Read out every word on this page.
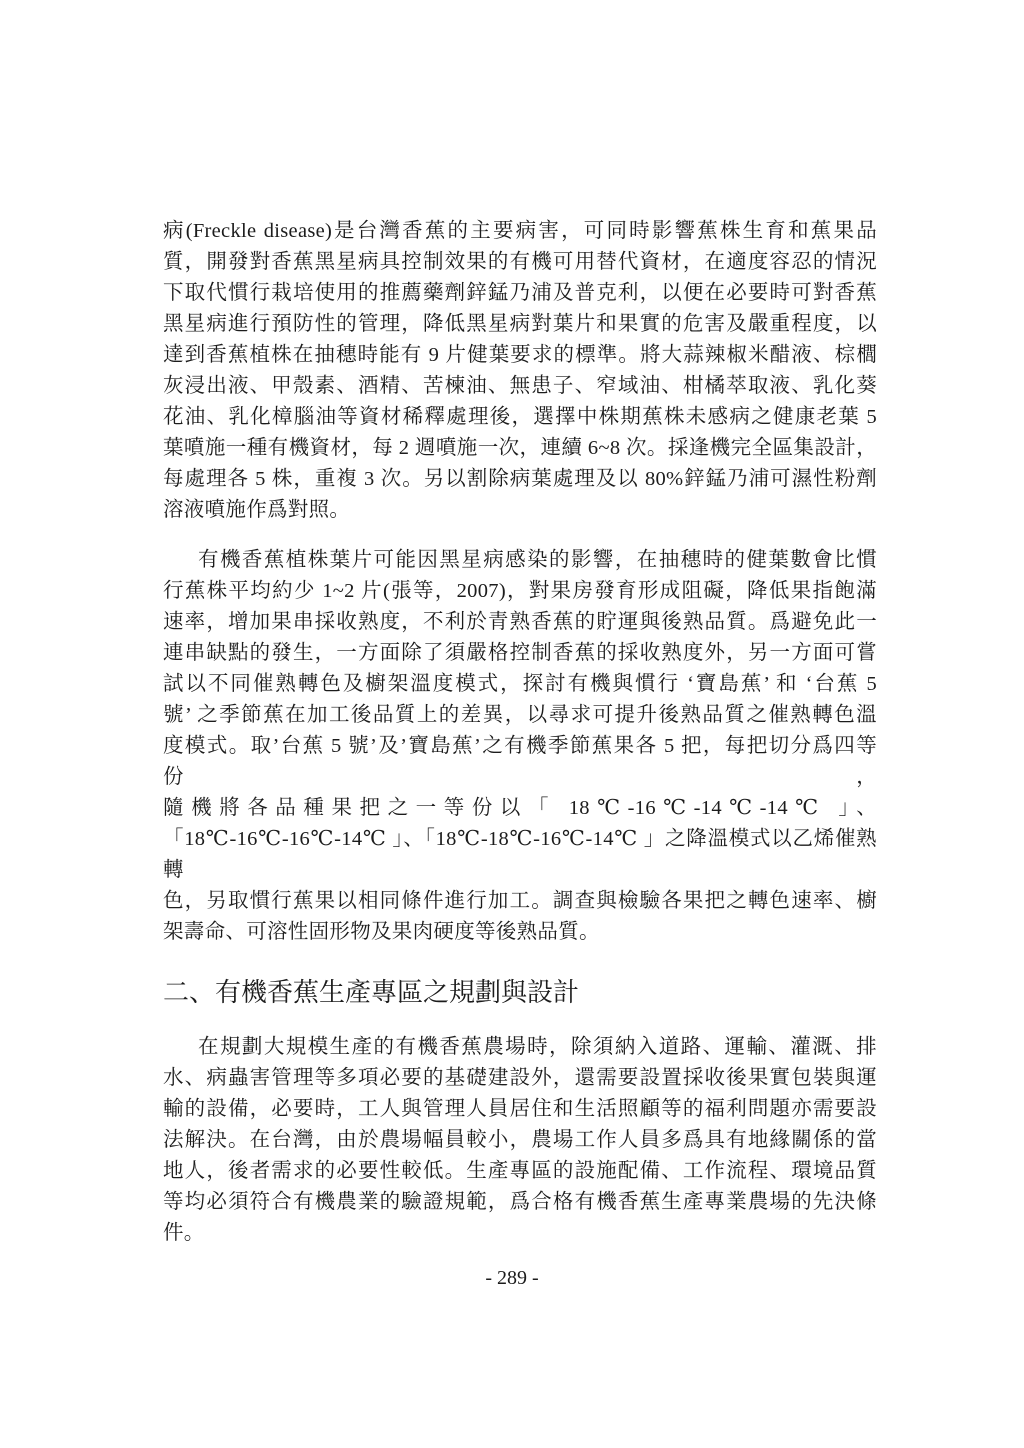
病(Freckle disease)是台灣香蕉的主要病害，可同時影響蕉株生育和蕉果品
質，開發對香蕉黑星病具控制效果的有機可用替代資材，在適度容忍的情況
下取代慣行栽培使用的推薦藥劑鋅錳乃浦及普克利，以便在必要時可對香蕉
黑星病進行預防性的管理，降低黑星病對葉片和果實的危害及嚴重程度，以
達到香蕉植株在抽穗時能有 9 片健葉要求的標準。將大蒜辣椒米醋液、棕櫚
灰浸出液、甲殼素、酒精、苦楝油、無患子、窄域油、柑橘萃取液、乳化葵
花油、乳化樟腦油等資材稀釋處理後，選擇中株期蕉株未感病之健康老葉 5
葉噴施一種有機資材，每 2 週噴施一次，連續 6~8 次。採逢機完全區集設計，
每處理各 5 株，重複 3 次。另以割除病葉處理及以 80%鋅錳乃浦可濕性粉劑
溶液噴施作爲對照。
有機香蕉植株葉片可能因黑星病感染的影響，在抽穗時的健葉數會比慣
行蕉株平均約少 1~2 片(張等，2007)，對果房發育形成阻礙，降低果指飽滿
速率，增加果串採收熟度，不利於青熟香蕉的貯運與後熟品質。爲避免此一
連串缺點的發生，一方面除了須嚴格控制香蕉的採收熟度外，另一方面可嘗
試以不同催熟轉色及櫥架溫度模式，探討有機與慣行 ‘寶島蕉’ 和 ‘台蕉 5
號’ 之季節蕉在加工後品質上的差異，以尋求可提升後熟品質之催熟轉色溫
度模式。取’台蕉 5 號’及’寶島蕉’之有機季節蕉果各 5 把，每把切分爲四等份，
隨機將各品種果把之一等份以「 18℃-16℃-14℃-14℃ 」、
「18℃-16℃-16℃-14℃ 」、「18℃-18℃-16℃-14℃ 」之降溫模式以乙烯催熟轉
色，另取慣行蕉果以相同條件進行加工。調查與檢驗各果把之轉色速率、櫥
架壽命、可溶性固形物及果肉硬度等後熟品質。
二、有機香蕉生產專區之規劃與設計
在規劃大規模生產的有機香蕉農場時，除須納入道路、運輸、灌溉、排
水、病蟲害管理等多項必要的基礎建設外，還需要設置採收後果實包裝與運
輸的設備，必要時，工人與管理人員居住和生活照顧等的福利問題亦需要設
法解決。在台灣，由於農場幅員較小，農場工作人員多爲具有地緣關係的當
地人，後者需求的必要性較低。生產專區的設施配備、工作流程、環境品質
等均必須符合有機農業的驗證規範，爲合格有機香蕉生產專業農場的先決條
件。
- 289 -
